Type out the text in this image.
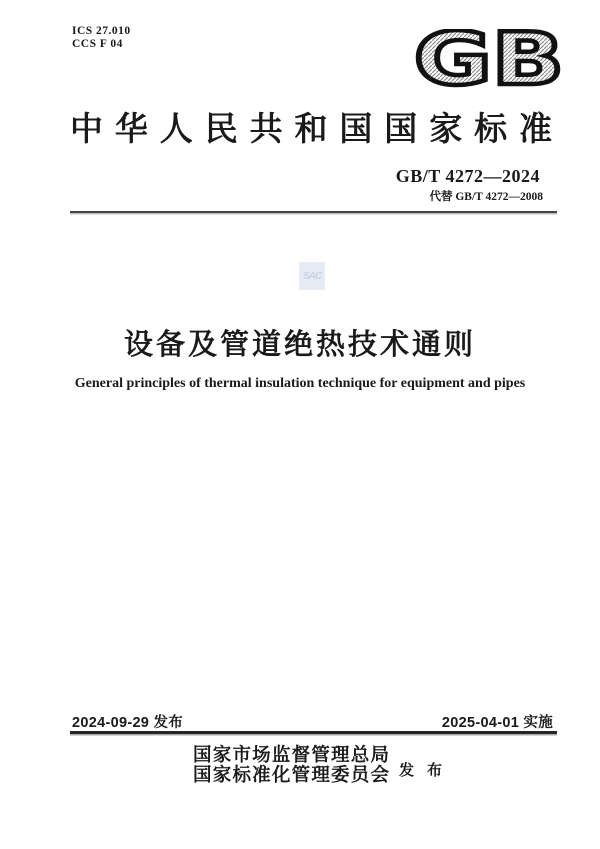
ICS 27.010
CCS F 04	GB
中华人民共和国国家标准
GB/T 4272—2024
代替 GB/T 4272—2008
SAC
设备及管道绝热技术通则
General principles of thermal insulation technique for equipment and pipes
2024-09-29 发布	2025-04-01 实施
国家市场监督管理总局
国家标准化管理委员会 发布
